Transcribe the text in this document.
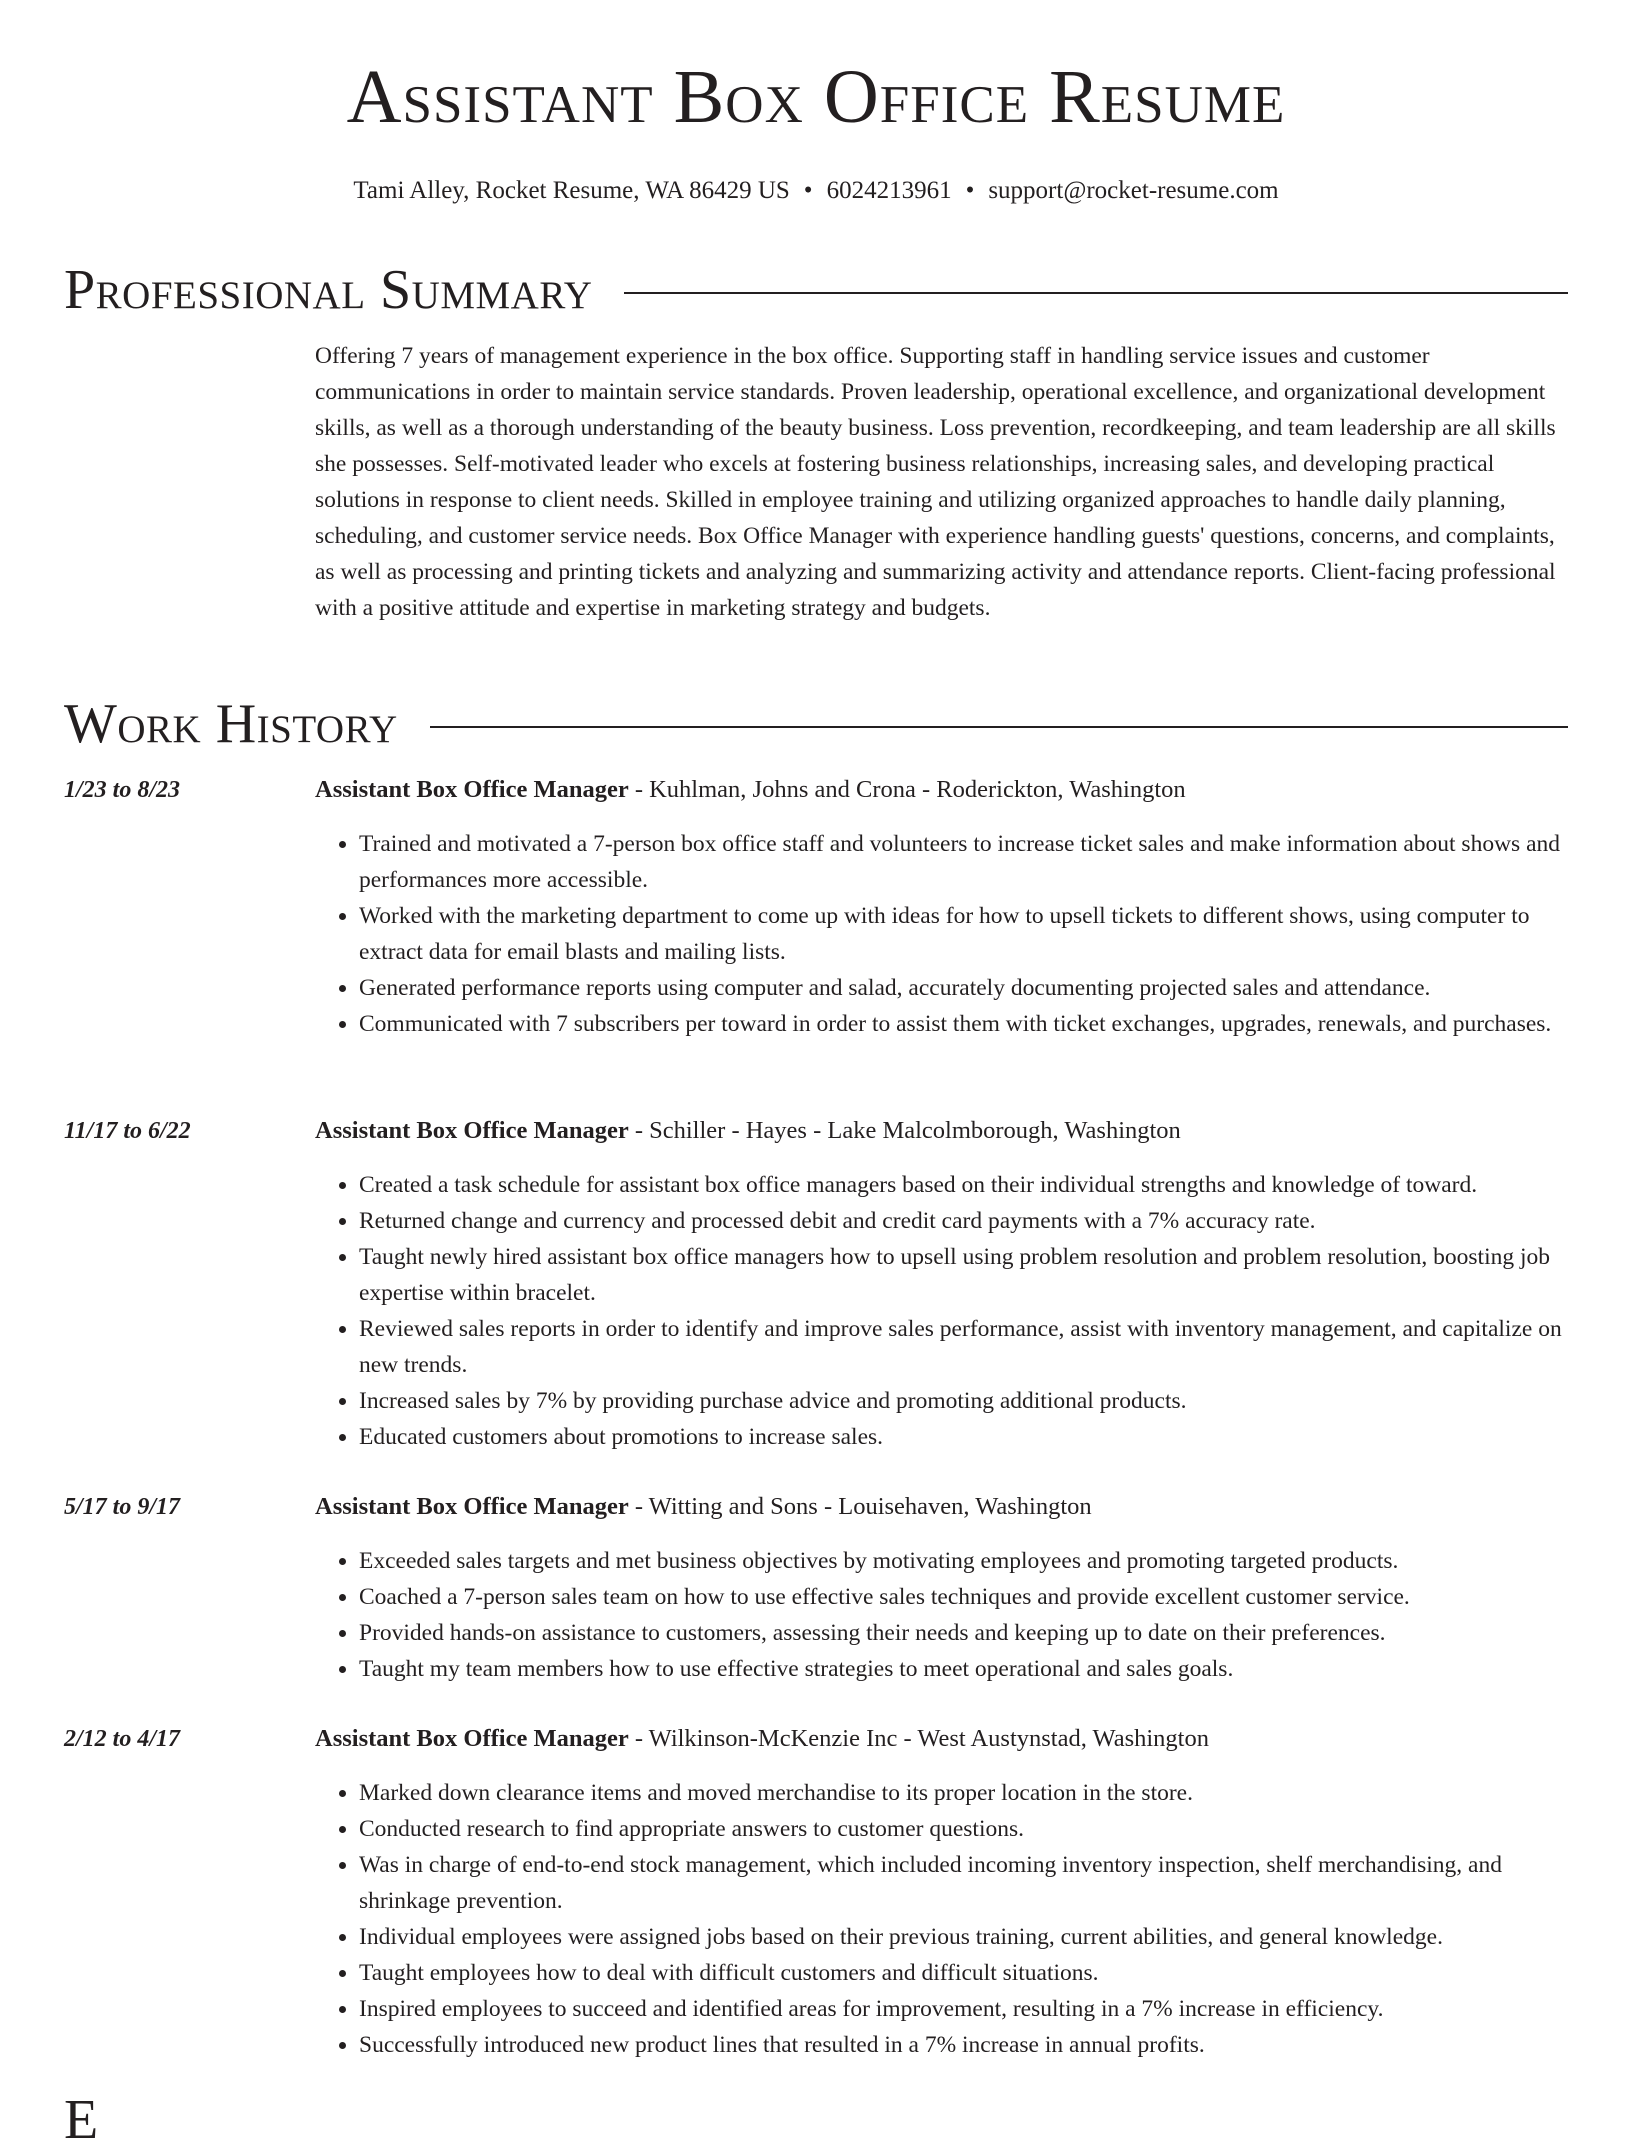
Assistant Box Office Resume
Tami Alley, Rocket Resume, WA 86429 US • 6024213961 • support@rocket-resume.com
Professional Summary

Offering 7 years of management experience in the box office. Supporting staff in handling service issues and customer communications in order to maintain service standards. Proven leadership, operational excellence, and organizational development skills, as well as a thorough understanding of the beauty business. Loss prevention, recordkeeping, and team leadership are all skills she possesses. Self-motivated leader who excels at fostering business relationships, increasing sales, and developing practical solutions in response to client needs. Skilled in employee training and utilizing organized approaches to handle daily planning, scheduling, and customer service needs. Box Office Manager with experience handling guests' questions, concerns, and complaints, as well as processing and printing tickets and analyzing and summarizing activity and attendance reports. Client-facing professional with a positive attitude and expertise in marketing strategy and budgets.

Work History
1/23 to 8/23	Assistant Box Office Manager - Kuhlman, Johns and Crona - Roderickton, Washington
• Trained and motivated a 7-person box office staff and volunteers to increase ticket sales and make information about shows and performances more accessible.
• Worked with the marketing department to come up with ideas for how to upsell tickets to different shows, using computer to extract data for email blasts and mailing lists.
• Generated performance reports using computer and salad, accurately documenting projected sales and attendance.
• Communicated with 7 subscribers per toward in order to assist them with ticket exchanges, upgrades, renewals, and purchases.
11/17 to 6/22	Assistant Box Office Manager - Schiller - Hayes - Lake Malcolmborough, Washington
• Created a task schedule for assistant box office managers based on their individual strengths and knowledge of toward.
• Returned change and currency and processed debit and credit card payments with a 7% accuracy rate.
• Taught newly hired assistant box office managers how to upsell using problem resolution and problem resolution, boosting job expertise within bracelet.
• Reviewed sales reports in order to identify and improve sales performance, assist with inventory management, and capitalize on new trends.
• Increased sales by 7% by providing purchase advice and promoting additional products.
• Educated customers about promotions to increase sales.
5/17 to 9/17	Assistant Box Office Manager - Witting and Sons - Louisehaven, Washington
• Exceeded sales targets and met business objectives by motivating employees and promoting targeted products.
• Coached a 7-person sales team on how to use effective sales techniques and provide excellent customer service.
• Provided hands-on assistance to customers, assessing their needs and keeping up to date on their preferences.
• Taught my team members how to use effective strategies to meet operational and sales goals.
2/12 to 4/17	Assistant Box Office Manager - Wilkinson-McKenzie Inc - West Austynstad, Washington
• Marked down clearance items and moved merchandise to its proper location in the store.
• Conducted research to find appropriate answers to customer questions.
• Was in charge of end-to-end stock management, which included incoming inventory inspection, shelf merchandising, and shrinkage prevention.
• Individual employees were assigned jobs based on their previous training, current abilities, and general knowledge.
• Taught employees how to deal with difficult customers and difficult situations.
• Inspired employees to succeed and identified areas for improvement, resulting in a 7% increase in efficiency.
• Successfully introduced new product lines that resulted in a 7% increase in annual profits.
E
